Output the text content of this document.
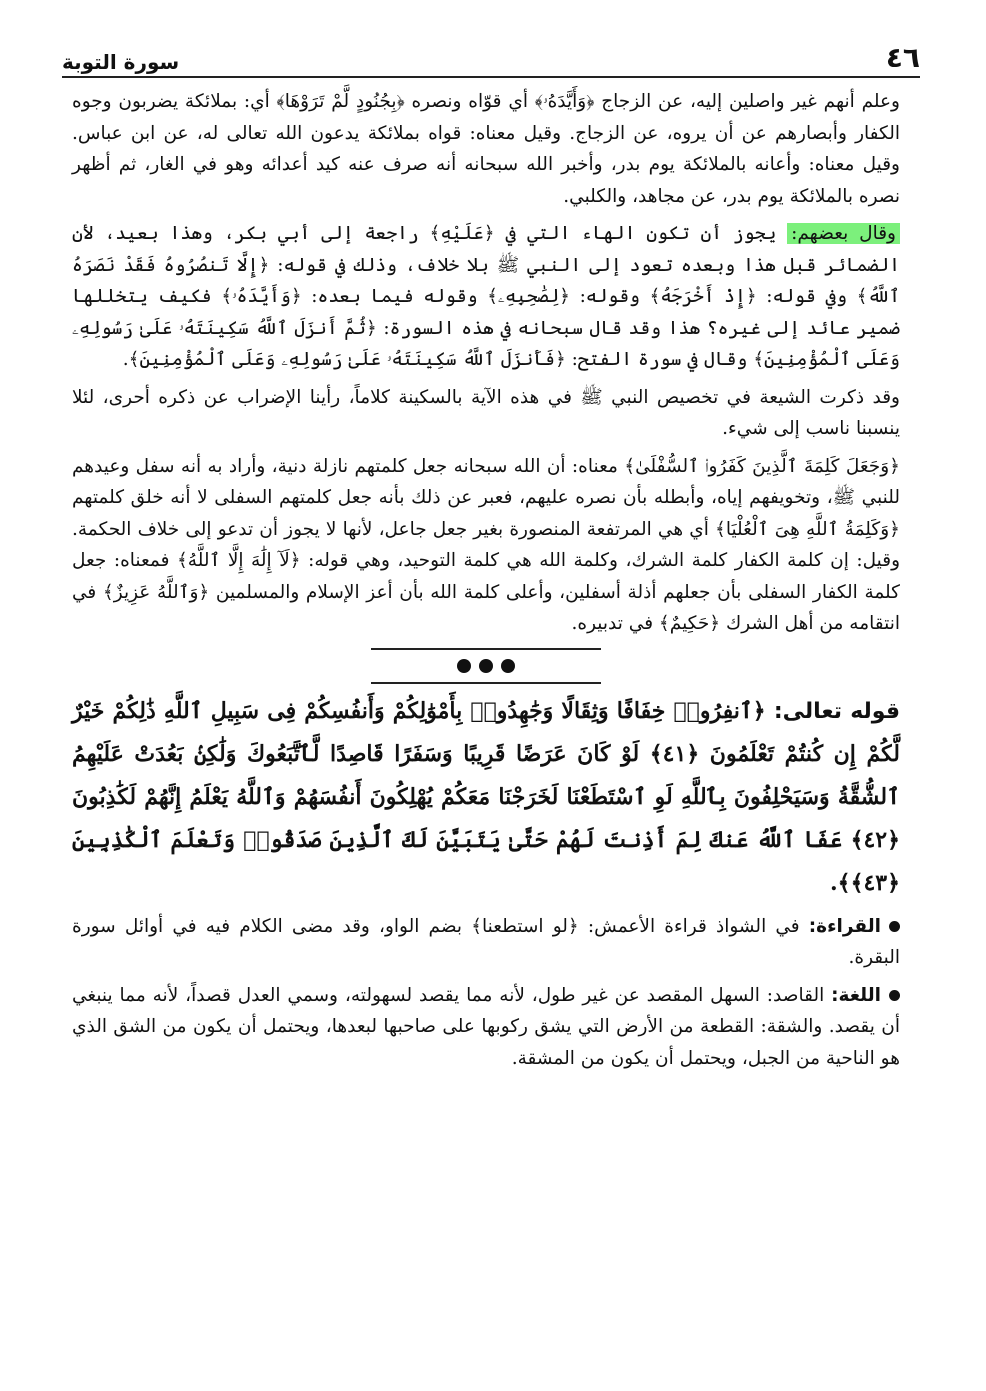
٤٦
سورة التوبة

وعلم أنهم غير واصلين إليه، عن الزجاج ﴿وَأَيَّدَهُۥ﴾ أي قوّاه ونصره ﴿بِجُنُودٍ لَّمْ تَرَوْهَا﴾ أي: بملائكة يضربون وجوه الكفار وأبصارهم عن أن يروه، عن الزجاج. وقيل معناه: قواه بملائكة يدعون الله تعالى له، عن ابن عباس. وقيل معناه: وأعانه بالملائكة يوم بدر، وأخبر الله سبحانه أنه صرف عنه كيد أعدائه وهو في الغار، ثم أظهر نصره بالملائكة يوم بدر، عن مجاهد، والكلبي.

وقال بعضهم: يجوز أن تكون الهاء التي في ﴿عَلَيْهِ﴾ راجعة إلى أبي بكر، وهذا بعيد، لأن الضمائر قبل هذا وبعده تعود إلى النبي ﷺ بلا خلاف، وذلك في قوله: ﴿إِلَّا تَنصُرُوهُ فَقَدْ نَصَرَهُ ٱللَّهُ﴾ وفي قوله: ﴿إِذْ أَخْرَجَهُ﴾ وقوله: ﴿لِصَٰحِبِهِۦ﴾ وقوله فيما بعده: ﴿وَأَيَّدَهُۥ﴾ فكيف يتخللها ضمير عائد إلى غيره؟ هذا وقد قال سبحانه في هذه السورة: ﴿ثُمَّ أَنزَلَ ٱللَّهُ سَكِينَتَهُۥ عَلَىٰ رَسُولِهِۦ وَعَلَى ٱلْمُؤْمِنِينَ﴾ وقال في سورة الفتح: ﴿فَأَنزَلَ ٱللَّهُ سَكِينَتَهُۥ عَلَىٰ رَسُولِهِۦ وَعَلَى ٱلْمُؤْمِنِينَ﴾.

وقد ذكرت الشيعة في تخصيص النبي ﷺ في هذه الآية بالسكينة كلاماً، رأينا الإضراب عن ذكره أحرى، لئلا ينسبنا ناسب إلى شيء.

﴿وَجَعَلَ كَلِمَةَ ٱلَّذِينَ كَفَرُوا۟ ٱلسُّفْلَىٰ﴾ معناه: أن الله سبحانه جعل كلمتهم نازلة دنية، وأراد به أنه سفل وعيدهم للنبي ﷺ، وتخويفهم إياه، وأبطله بأن نصره عليهم، فعبر عن ذلك بأنه جعل كلمتهم السفلى لا أنه خلق كلمتهم ﴿وَكَلِمَةُ ٱللَّهِ هِىَ ٱلْعُلْيَا﴾ أي هي المرتفعة المنصورة بغير جعل جاعل، لأنها لا يجوز أن تدعو إلى خلاف الحكمة. وقيل: إن كلمة الكفار كلمة الشرك، وكلمة الله هي كلمة التوحيد، وهي قوله: ﴿لَآ إِلَٰهَ إِلَّا ٱللَّهُ﴾ فمعناه: جعل كلمة الكفار السفلى بأن جعلهم أذلة أسفلين، وأعلى كلمة الله بأن أعز الإسلام والمسلمين ﴿وَٱللَّهُ عَزِيزٌ﴾ في انتقامه من أهل الشرك ﴿حَكِيمٌ﴾ في تدبيره.

قوله تعالى: ﴿ٱنفِرُوا۟ خِفَافًا وَثِقَالًا وَجَٰهِدُوا۟ بِأَمْوَٰلِكُمْ وَأَنفُسِكُمْ فِى سَبِيلِ ٱللَّهِ ذَٰلِكُمْ خَيْرٌ لَّكُمْ إِن كُنتُمْ تَعْلَمُونَ ﴿٤١﴾ لَوْ كَانَ عَرَضًا قَرِيبًا وَسَفَرًا قَاصِدًا لَّٱتَّبَعُوكَ وَلَٰكِنۢ بَعُدَتْ عَلَيْهِمُ ٱلشُّقَّةُ وَسَيَحْلِفُونَ بِٱللَّهِ لَوِ ٱسْتَطَعْنَا لَخَرَجْنَا مَعَكُمْ يُهْلِكُونَ أَنفُسَهُمْ وَٱللَّهُ يَعْلَمُ إِنَّهُمْ لَكَٰذِبُونَ ﴿٤٢﴾ عَفَا ٱللَّهُ عَنكَ لِمَ أَذِنتَ لَهُمْ حَتَّىٰ يَتَبَيَّنَ لَكَ ٱلَّذِينَ صَدَقُوا۟ وَتَعْلَمَ ٱلْكَٰذِبِينَ ﴿٤٣﴾﴾.

القراءة: في الشواذ قراءة الأعمش: ﴿لو استطعنا﴾ بضم الواو، وقد مضى الكلام فيه في أوائل سورة البقرة.

اللغة: القاصد: السهل المقصد عن غير طول، لأنه مما يقصد لسهولته، وسمي العدل قصداً، لأنه مما ينبغي أن يقصد. والشقة: القطعة من الأرض التي يشق ركوبها على صاحبها لبعدها، ويحتمل أن يكون من الشق الذي هو الناحية من الجبل، ويحتمل أن يكون من المشقة.
